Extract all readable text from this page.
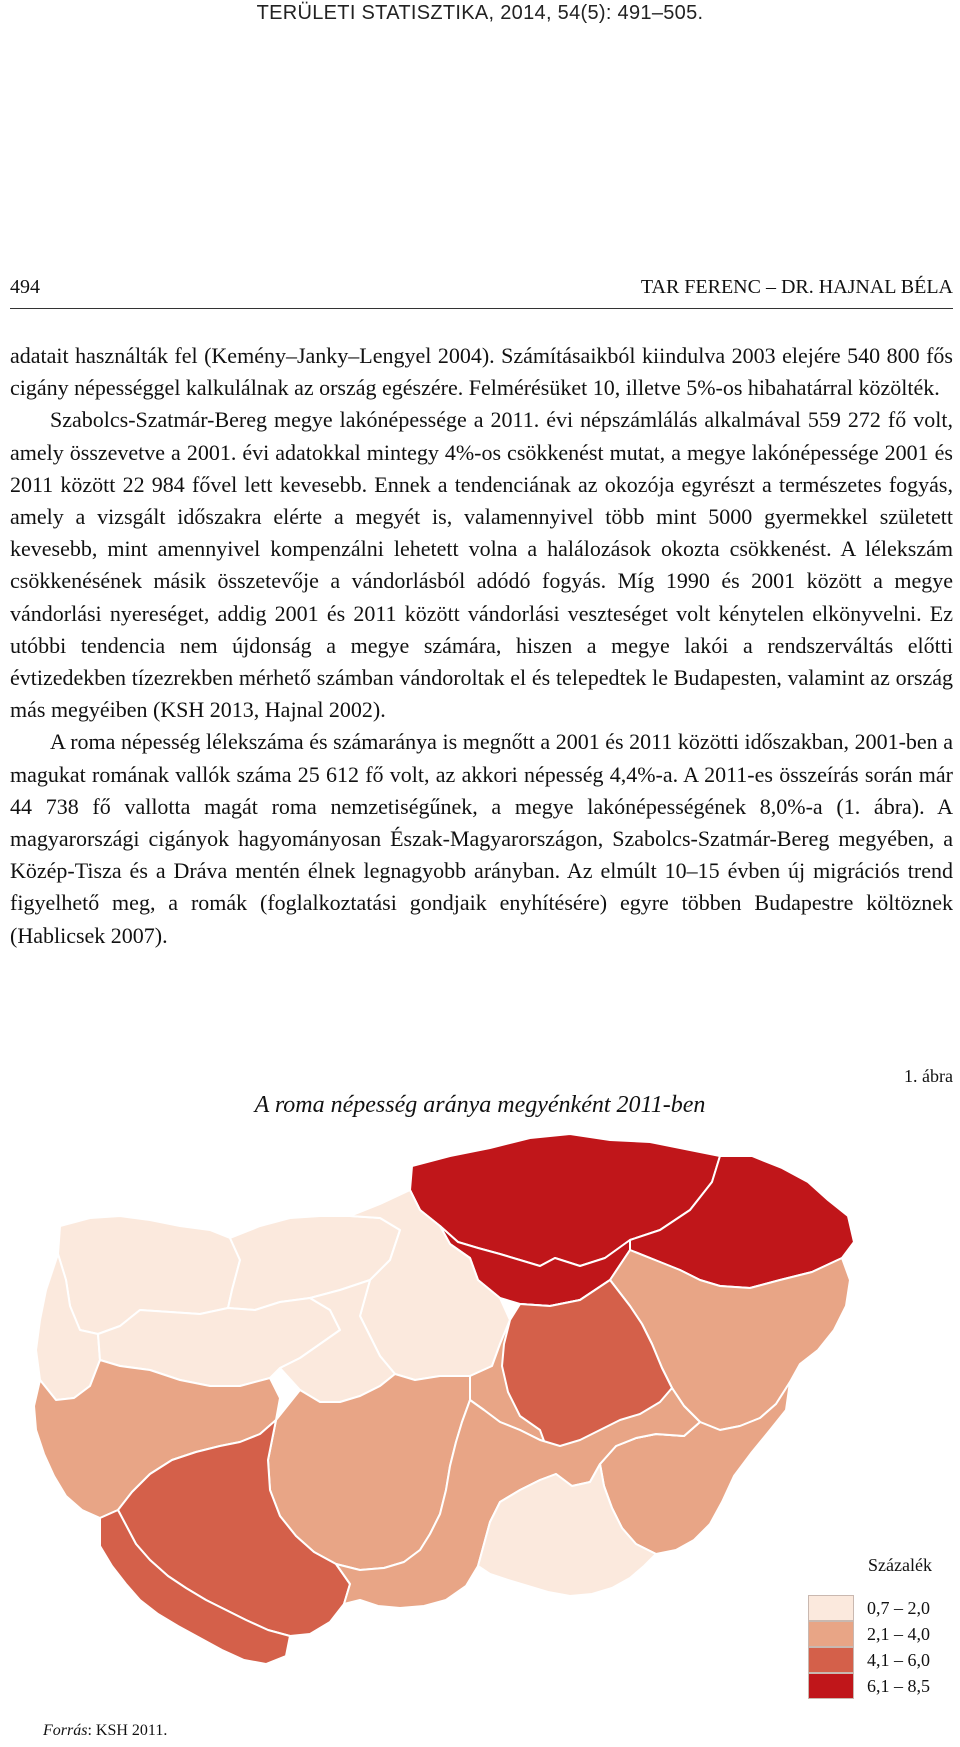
TERÜLETI STATISZTIKA, 2014, 54(5): 491–505.
494	TAR FERENC – DR. HAJNAL BÉLA

adatait használták fel (Kemény–Janky–Lengyel 2004). Számításaikból kiindulva 2003 elejére 540 800 fős cigány népességgel kalkulálnak az ország egészére. Felmérésüket 10, illetve 5%-os hibahatárral közölték.

Szabolcs-Szatmár-Bereg megye lakónépessége a 2011. évi népszámlálás alkalmával 559 272 fő volt, amely összevetve a 2001. évi adatokkal mintegy 4%-os csökkenést mutat, a megye lakónépessége 2001 és 2011 között 22 984 fővel lett kevesebb. Ennek a tendenciának az okozója egyrészt a természetes fogyás, amely a vizsgált időszakra elérte a megyét is, valamennyivel több mint 5000 gyermekkel született kevesebb, mint amennyivel kompenzálni lehetett volna a halálozások okozta csökkenést. A lélekszám csökkenésének másik összetevője a vándorlásból adódó fogyás. Míg 1990 és 2001 között a megye vándorlási nyereséget, addig 2001 és 2011 között vándorlási veszteséget volt kénytelen elkönyvelni. Ez utóbbi tendencia nem újdonság a megye számára, hiszen a megye lakói a rendszerváltás előtti évtizedekben tízezrekben mérhető számban vándoroltak el és telepedtek le Budapesten, valamint az ország más megyéiben (KSH 2013, Hajnal 2002).

A roma népesség lélekszáma és számaránya is megnőtt a 2001 és 2011 közötti időszakban, 2001-ben a magukat romának vallók száma 25 612 fő volt, az akkori népesség 4,4%-a. A 2011-es összeírás során már 44 738 fő vallotta magát roma nemzetiségűnek, a megye lakónépességének 8,0%-a (1. ábra). A magyarországi cigányok hagyományosan Észak-Magyarországon, Szabolcs-Szatmár-Bereg megyében, a Közép-Tisza és a Dráva mentén élnek legnagyobb arányban. Az elmúlt 10–15 évben új migrációs trend figyelhető meg, a romák (foglalkoztatási gondjaik enyhítésére) egyre többen Budapestre költöznek (Hablicsek 2007).

1. ábra
A roma népesség aránya megyénként 2011-ben
Százalék
0,7 – 2,0
2,1 – 4,0
4,1 – 6,0
6,1 – 8,5
Forrás: KSH 2011.
